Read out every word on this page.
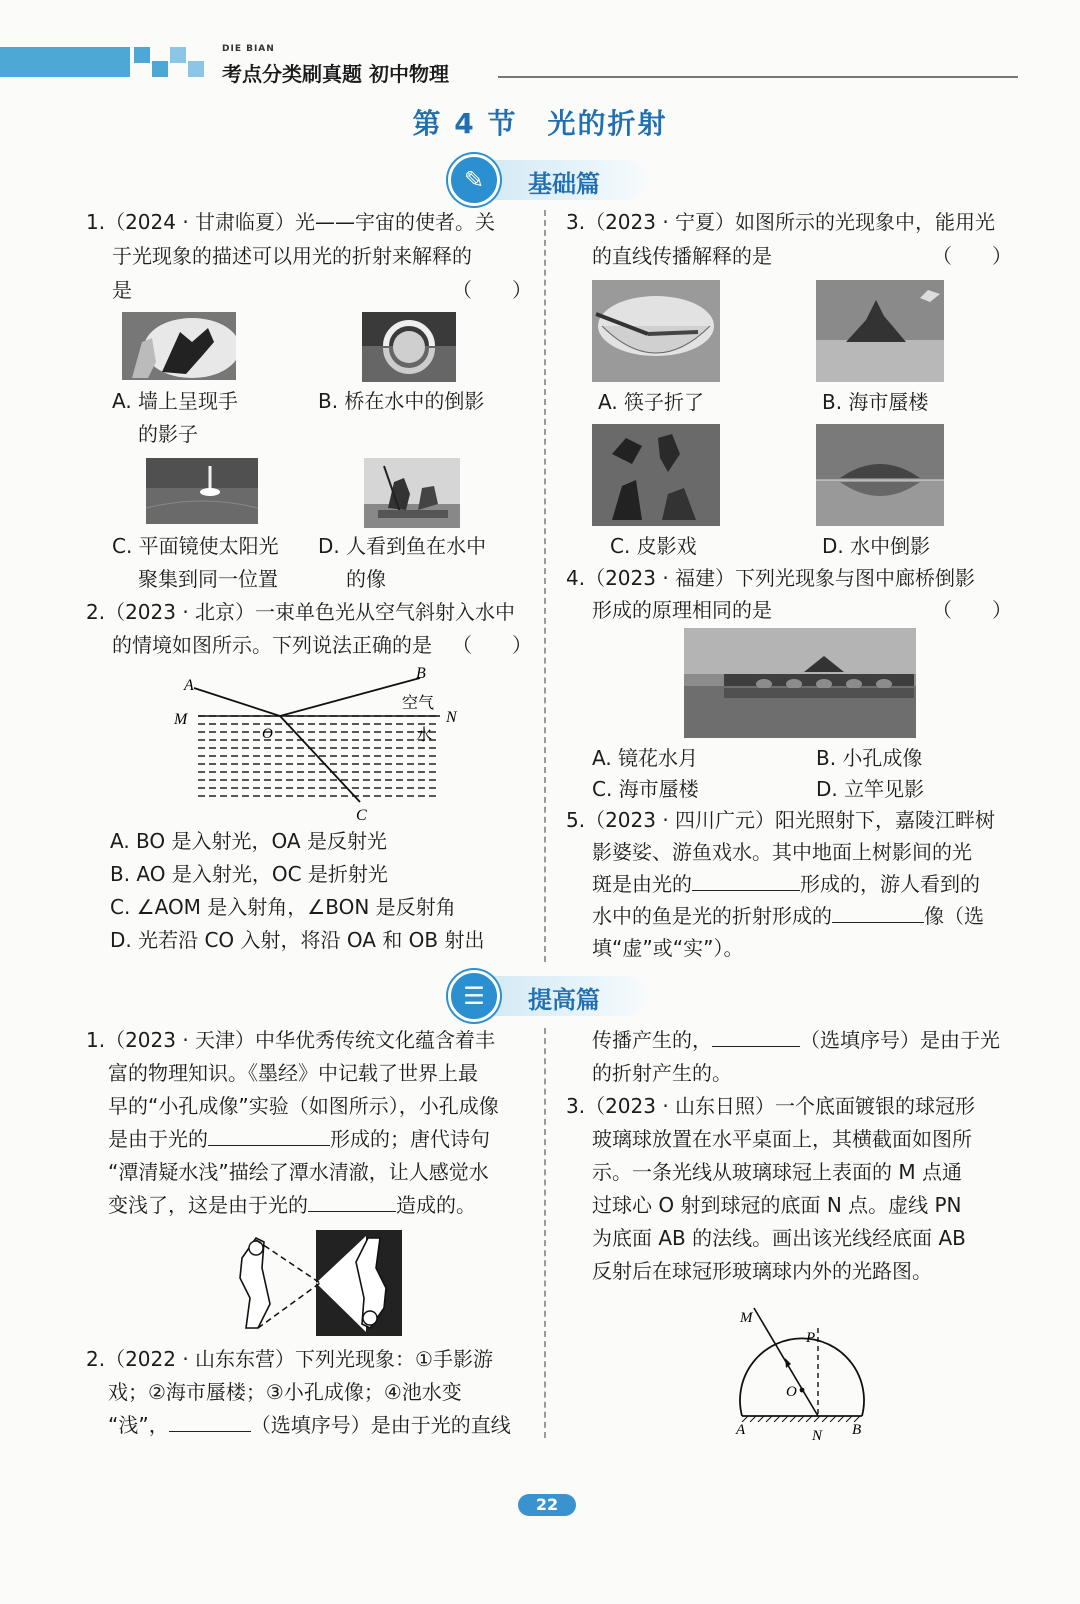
DIE BIAN
考点分类刷真题 初中物理
第 4 节　光的折射
✎	基础篇
1.（2024 · 甘肃临夏）光——宇宙的使者。关
于光现象的描述可以用光的折射来解释的
是	（　　）
A. 墙上呈现手
的影子
B. 桥在水中的倒影
C. 平面镜使太阳光
聚集到同一位置
D. 人看到鱼在水中
的像
2.（2023 · 北京）一束单色光从空气斜射入水中
的情境如图所示。下列说法正确的是 （　　）
A
B
M	N
O
C
空气
水
A. BO 是入射光，OA 是反射光
B. AO 是入射光，OC 是折射光
C. ∠AOM 是入射角，∠BON 是反射角
D. 光若沿 CO 入射，将沿 OA 和 OB 射出
3.（2023 · 宁夏）如图所示的光现象中，能用光
的直线传播解释的是	（　　）
A. 筷子折了	B. 海市蜃楼
C. 皮影戏	D. 水中倒影
4.（2023 · 福建）下列光现象与图中廊桥倒影
形成的原理相同的是	（　　）
A. 镜花水月	B. 小孔成像
C. 海市蜃楼	D. 立竿见影
5.（2023 · 四川广元）阳光照射下，嘉陵江畔树
影婆娑、游鱼戏水。其中地面上树影间的光
斑是由光的	形成的，游人看到的
水中的鱼是光的折射形成的	像（选
填“虚”或“实”）。
☰	提高篇
1.（2023 · 天津）中华优秀传统文化蕴含着丰
富的物理知识。《墨经》中记载了世界上最
早的“小孔成像”实验（如图所示），小孔成像
是由于光的	形成的；唐代诗句
“潭清疑水浅”描绘了潭水清澈，让人感觉水
变浅了，这是由于光的	造成的。
2.（2022 · 山东东营）下列光现象：①手影游
戏；②海市蜃楼；③小孔成像；④池水变
“浅”，	（选填序号）是由于光的直线
传播产生的，	（选填序号）是由于光
的折射产生的。
3.（2023 · 山东日照）一个底面镀银的球冠形
玻璃球放置在水平桌面上，其横截面如图所
示。一条光线从玻璃球冠上表面的 M 点通
过球心 O 射到球冠的底面 N 点。虚线 PN
为底面 AB 的法线。画出该光线经底面 AB
反射后在球冠形玻璃球内外的光路图。
M
P
O
A	N B
22
